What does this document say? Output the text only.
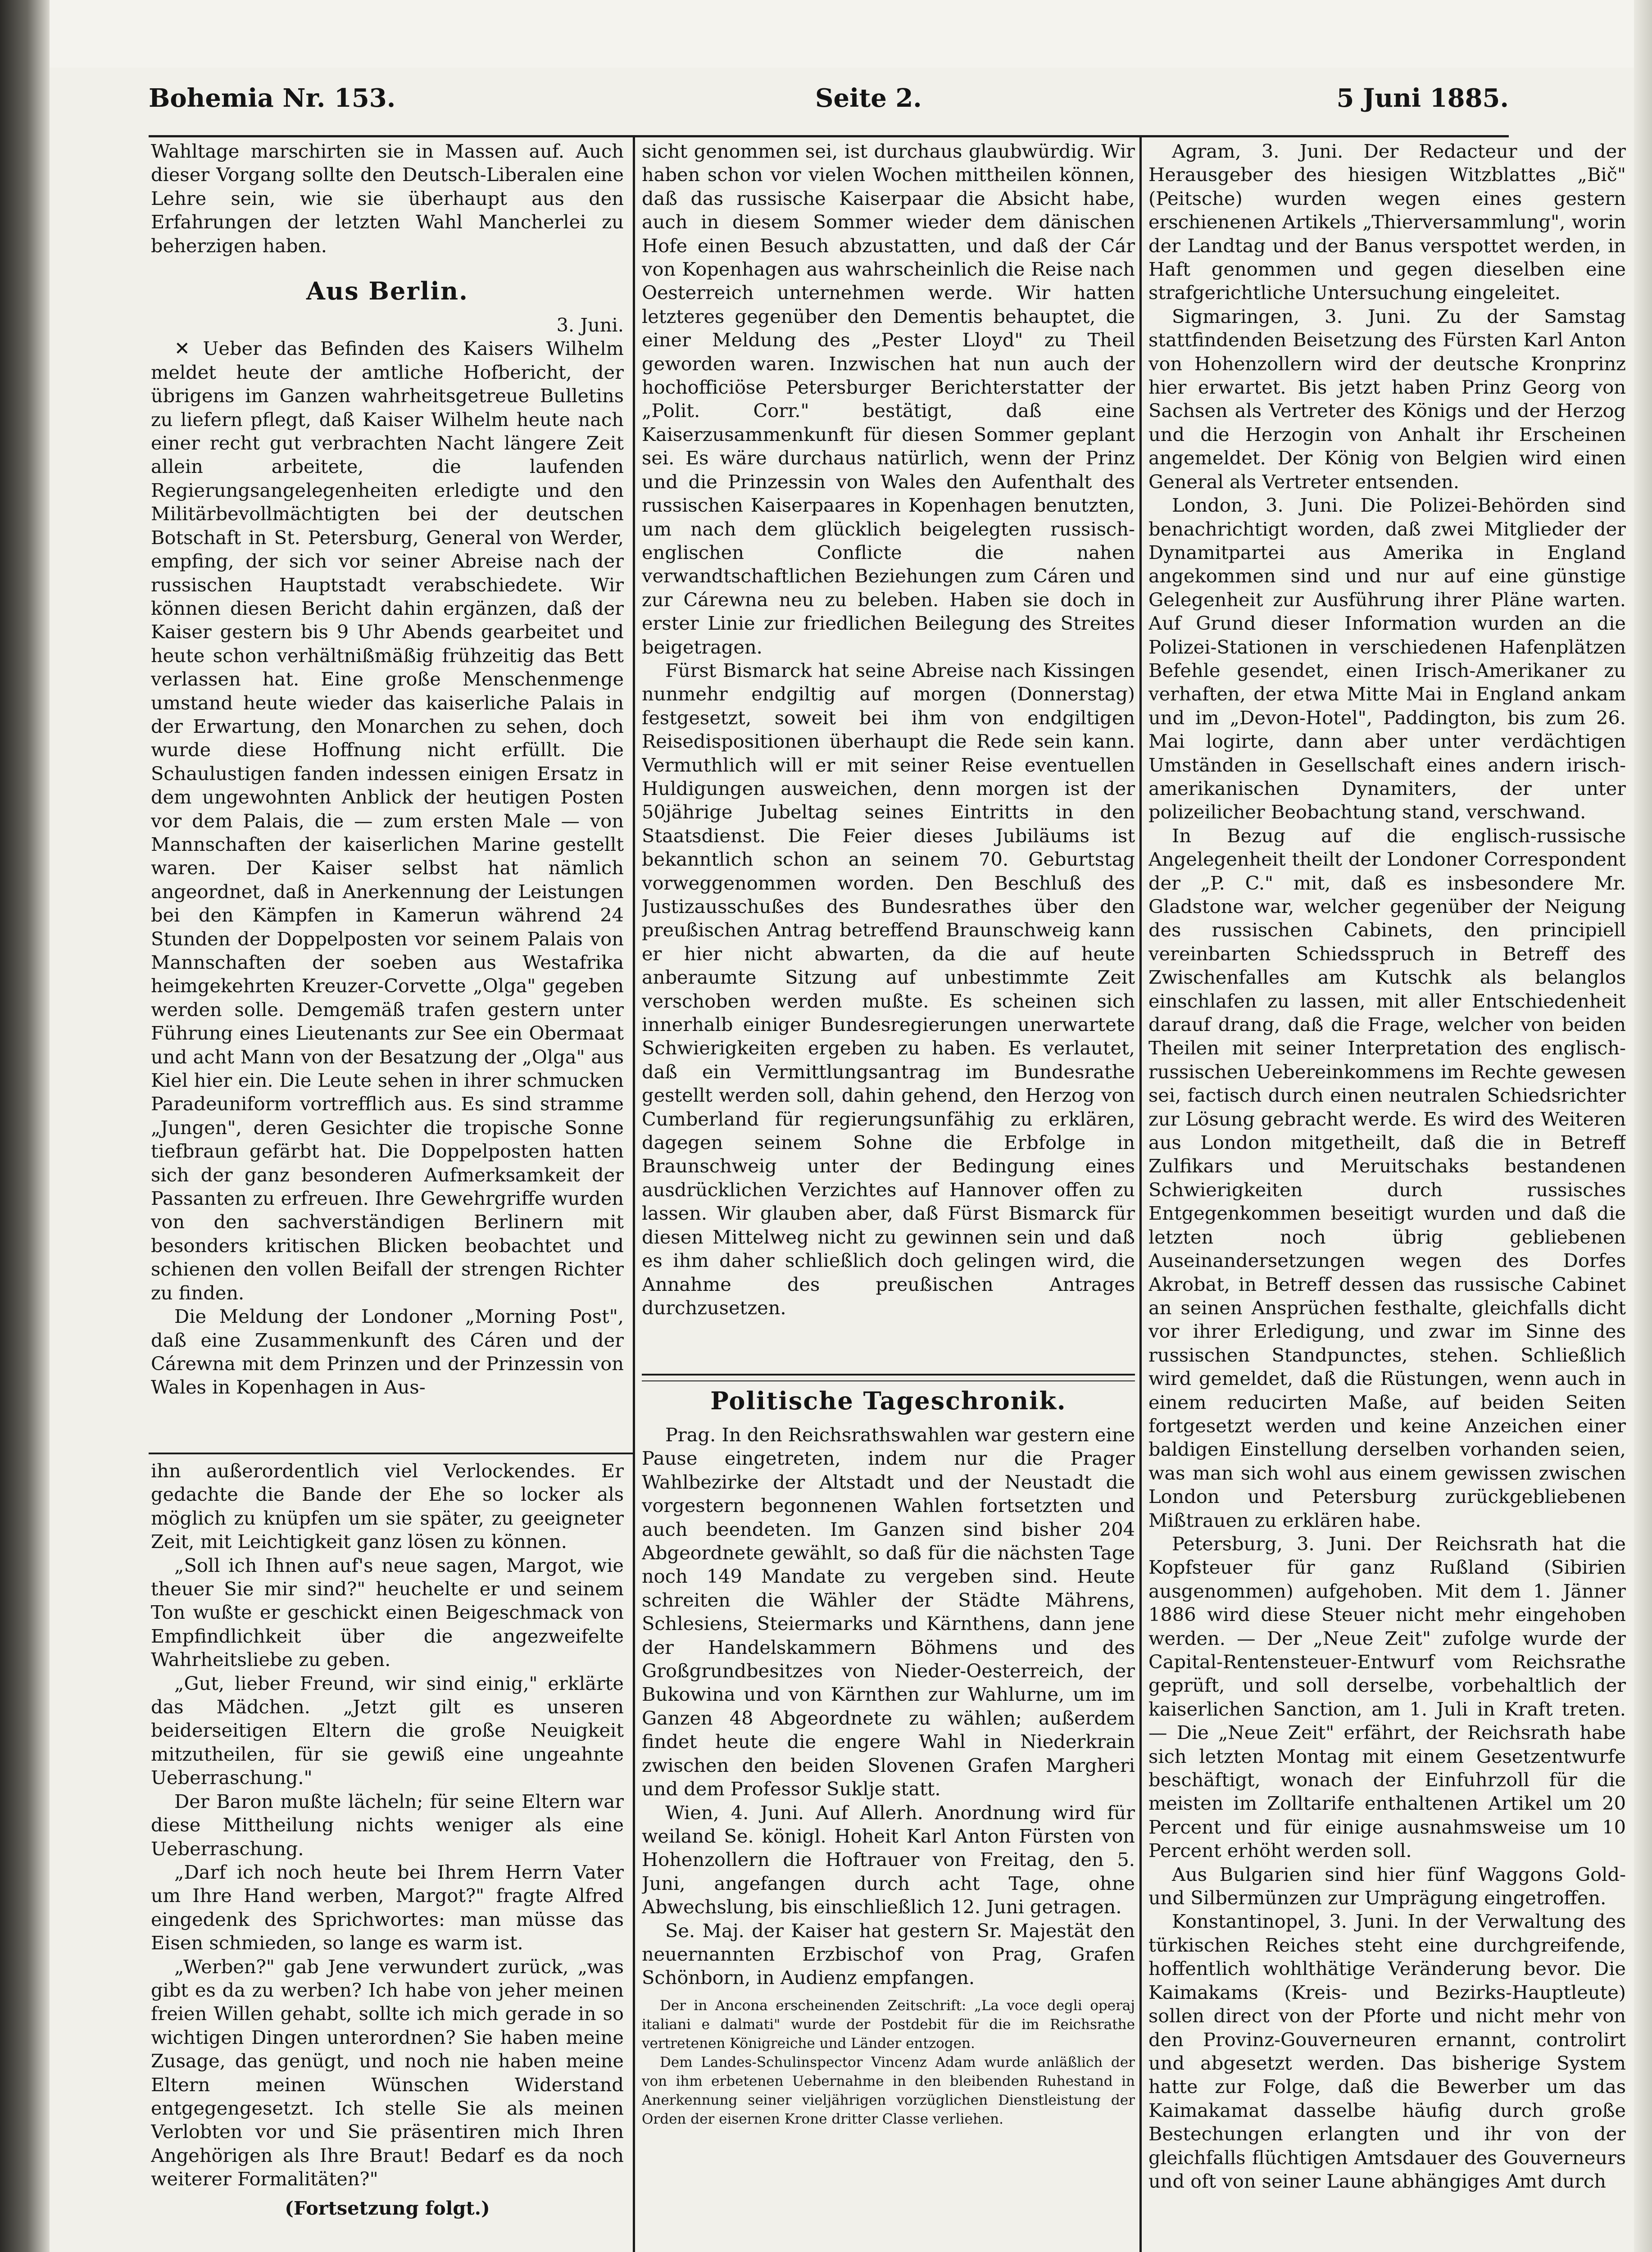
Bohemia Nr. 153.	Seite 2.	5 Juni 1885.

Wahltage marschirten sie in Massen auf. Auch dieser Vorgang sollte den Deutsch-Liberalen eine Lehre sein, wie sie überhaupt aus den Erfahrungen der letzten Wahl Mancherlei zu beherzigen haben.

Aus Berlin.

3. Juni.

✕ Ueber das Befinden des Kaisers Wilhelm meldet heute der amtliche Hofbericht, der übrigens im Ganzen wahrheitsgetreue Bulletins zu liefern pflegt, daß Kaiser Wilhelm heute nach einer recht gut verbrachten Nacht längere Zeit allein arbeitete, die laufenden Regierungsangelegenheiten erledigte und den Militärbevollmächtigten bei der deutschen Botschaft in St. Petersburg, General von Werder, empfing, der sich vor seiner Abreise nach der russischen Hauptstadt verabschiedete. Wir können diesen Bericht dahin ergänzen, daß der Kaiser gestern bis 9 Uhr Abends gearbeitet und heute schon verhältnißmäßig frühzeitig das Bett verlassen hat. Eine große Menschenmenge umstand heute wieder das kaiserliche Palais in der Erwartung, den Monarchen zu sehen, doch wurde diese Hoffnung nicht erfüllt. Die Schaulustigen fanden indessen einigen Ersatz in dem ungewohnten Anblick der heutigen Posten vor dem Palais, die — zum ersten Male — von Mannschaften der kaiserlichen Marine gestellt waren. Der Kaiser selbst hat nämlich angeordnet, daß in Anerkennung der Leistungen bei den Kämpfen in Kamerun während 24 Stunden der Doppelposten vor seinem Palais von Mannschaften der soeben aus Westafrika heimgekehrten Kreuzer-Corvette „Olga" gegeben werden solle. Demgemäß trafen gestern unter Führung eines Lieutenants zur See ein Obermaat und acht Mann von der Besatzung der „Olga" aus Kiel hier ein. Die Leute sehen in ihrer schmucken Paradeuniform vortrefflich aus. Es sind stramme „Jungen", deren Gesichter die tropische Sonne tiefbraun gefärbt hat. Die Doppelposten hatten sich der ganz besonderen Aufmerksamkeit der Passanten zu erfreuen. Ihre Gewehrgriffe wurden von den sachverständigen Berlinern mit besonders kritischen Blicken beobachtet und schienen den vollen Beifall der strengen Richter zu finden.

Die Meldung der Londoner „Morning Post", daß eine Zusammenkunft des Cáren und der Cárewna mit dem Prinzen und der Prinzessin von Wales in Kopenhagen in Aus-

ihn außerordentlich viel Verlockendes. Er gedachte die Bande der Ehe so locker als möglich zu knüpfen um sie später, zu geeigneter Zeit, mit Leichtigkeit ganz lösen zu können.

„Soll ich Ihnen auf's neue sagen, Margot, wie theuer Sie mir sind?" heuchelte er und seinem Ton wußte er geschickt einen Beigeschmack von Empfindlichkeit über die angezweifelte Wahrheitsliebe zu geben.

„Gut, lieber Freund, wir sind einig," erklärte das Mädchen. „Jetzt gilt es unseren beiderseitigen Eltern die große Neuigkeit mitzutheilen, für sie gewiß eine ungeahnte Ueberraschung."

Der Baron mußte lächeln; für seine Eltern war diese Mittheilung nichts weniger als eine Ueberraschung.

„Darf ich noch heute bei Ihrem Herrn Vater um Ihre Hand werben, Margot?" fragte Alfred eingedenk des Sprichwortes: man müsse das Eisen schmieden, so lange es warm ist.

„Werben?" gab Jene verwundert zurück, „was gibt es da zu werben? Ich habe von jeher meinen freien Willen gehabt, sollte ich mich gerade in so wichtigen Dingen unterordnen? Sie haben meine Zusage, das genügt, und noch nie haben meine Eltern meinen Wünschen Widerstand entgegengesetzt. Ich stelle Sie als meinen Verlobten vor und Sie präsentiren mich Ihren Angehörigen als Ihre Braut! Bedarf es da noch weiterer Formalitäten?"

(Fortsetzung folgt.)

sicht genommen sei, ist durchaus glaubwürdig. Wir haben schon vor vielen Wochen mittheilen können, daß das russische Kaiserpaar die Absicht habe, auch in diesem Sommer wieder dem dänischen Hofe einen Besuch abzustatten, und daß der Cár von Kopenhagen aus wahrscheinlich die Reise nach Oesterreich unternehmen werde. Wir hatten letzteres gegenüber den Dementis behauptet, die einer Meldung des „Pester Lloyd" zu Theil geworden waren. Inzwischen hat nun auch der hochofficiöse Petersburger Berichterstatter der „Polit. Corr." bestätigt, daß eine Kaiserzusammenkunft für diesen Sommer geplant sei. Es wäre durchaus natürlich, wenn der Prinz und die Prinzessin von Wales den Aufenthalt des russischen Kaiserpaares in Kopenhagen benutzten, um nach dem glücklich beigelegten russisch-englischen Conflicte die nahen verwandtschaftlichen Beziehungen zum Cáren und zur Cárewna neu zu beleben. Haben sie doch in erster Linie zur friedlichen Beilegung des Streites beigetragen.

Fürst Bismarck hat seine Abreise nach Kissingen nunmehr endgiltig auf morgen (Donnerstag) festgesetzt, soweit bei ihm von endgiltigen Reisedispositionen überhaupt die Rede sein kann. Vermuthlich will er mit seiner Reise eventuellen Huldigungen ausweichen, denn morgen ist der 50jährige Jubeltag seines Eintritts in den Staatsdienst. Die Feier dieses Jubiläums ist bekanntlich schon an seinem 70. Geburtstag vorweggenommen worden. Den Beschluß des Justizausschußes des Bundesrathes über den preußischen Antrag betreffend Braunschweig kann er hier nicht abwarten, da die auf heute anberaumte Sitzung auf unbestimmte Zeit verschoben werden mußte. Es scheinen sich innerhalb einiger Bundesregierungen unerwartete Schwierigkeiten ergeben zu haben. Es verlautet, daß ein Vermittlungsantrag im Bundesrathe gestellt werden soll, dahin gehend, den Herzog von Cumberland für regierungsunfähig zu erklären, dagegen seinem Sohne die Erbfolge in Braunschweig unter der Bedingung eines ausdrücklichen Verzichtes auf Hannover offen zu lassen. Wir glauben aber, daß Fürst Bismarck für diesen Mittelweg nicht zu gewinnen sein und daß es ihm daher schließlich doch gelingen wird, die Annahme des preußischen Antrages durchzusetzen.

Politische Tageschronik.

Prag. In den Reichsrathswahlen war gestern eine Pause eingetreten, indem nur die Prager Wahlbezirke der Altstadt und der Neustadt die vorgestern begonnenen Wahlen fortsetzten und auch beendeten. Im Ganzen sind bisher 204 Abgeordnete gewählt, so daß für die nächsten Tage noch 149 Mandate zu vergeben sind. Heute schreiten die Wähler der Städte Mährens, Schlesiens, Steiermarks und Kärnthens, dann jene der Handelskammern Böhmens und des Großgrundbesitzes von Nieder-Oesterreich, der Bukowina und von Kärnthen zur Wahlurne, um im Ganzen 48 Abgeordnete zu wählen; außerdem findet heute die engere Wahl in Niederkrain zwischen den beiden Slovenen Grafen Margheri und dem Professor Suklje statt.

Wien, 4. Juni. Auf Allerh. Anordnung wird für weiland Se. königl. Hoheit Karl Anton Fürsten von Hohenzollern die Hoftrauer von Freitag, den 5. Juni, angefangen durch acht Tage, ohne Abwechslung, bis einschließlich 12. Juni getragen.

Se. Maj. der Kaiser hat gestern Sr. Majestät den neuernannten Erzbischof von Prag, Grafen Schönborn, in Audienz empfangen.

Der in Ancona erscheinenden Zeitschrift: „La voce degli operaj italiani e dalmati" wurde der Postdebit für die im Reichsrathe vertretenen Königreiche und Länder entzogen.

Dem Landes-Schulinspector Vincenz Adam wurde anläßlich der von ihm erbetenen Uebernahme in den bleibenden Ruhestand in Anerkennung seiner vieljährigen vorzüglichen Dienstleistung der Orden der eisernen Krone dritter Classe verliehen.

Agram, 3. Juni. Der Redacteur und der Herausgeber des hiesigen Witzblattes „Bič" (Peitsche) wurden wegen eines gestern erschienenen Artikels „Thierversammlung", worin der Landtag und der Banus verspottet werden, in Haft genommen und gegen dieselben eine strafgerichtliche Untersuchung eingeleitet.

Sigmaringen, 3. Juni. Zu der Samstag stattfindenden Beisetzung des Fürsten Karl Anton von Hohenzollern wird der deutsche Kronprinz hier erwartet. Bis jetzt haben Prinz Georg von Sachsen als Vertreter des Königs und der Herzog und die Herzogin von Anhalt ihr Erscheinen angemeldet. Der König von Belgien wird einen General als Vertreter entsenden.

London, 3. Juni. Die Polizei-Behörden sind benachrichtigt worden, daß zwei Mitglieder der Dynamitpartei aus Amerika in England angekommen sind und nur auf eine günstige Gelegenheit zur Ausführung ihrer Pläne warten. Auf Grund dieser Information wurden an die Polizei-Stationen in verschiedenen Hafenplätzen Befehle gesendet, einen Irisch-Amerikaner zu verhaften, der etwa Mitte Mai in England ankam und im „Devon-Hotel", Paddington, bis zum 26. Mai logirte, dann aber unter verdächtigen Umständen in Gesellschaft eines andern irisch-amerikanischen Dynamiters, der unter polizeilicher Beobachtung stand, verschwand.

In Bezug auf die englisch-russische Angelegenheit theilt der Londoner Correspondent der „P. C." mit, daß es insbesondere Mr. Gladstone war, welcher gegenüber der Neigung des russischen Cabinets, den principiell vereinbarten Schiedsspruch in Betreff des Zwischenfalles am Kutschk als belanglos einschlafen zu lassen, mit aller Entschiedenheit darauf drang, daß die Frage, welcher von beiden Theilen mit seiner Interpretation des englisch-russischen Uebereinkommens im Rechte gewesen sei, factisch durch einen neutralen Schiedsrichter zur Lösung gebracht werde. Es wird des Weiteren aus London mitgetheilt, daß die in Betreff Zulfikars und Meruitschaks bestandenen Schwierigkeiten durch russisches Entgegenkommen beseitigt wurden und daß die letzten noch übrig gebliebenen Auseinandersetzungen wegen des Dorfes Akrobat, in Betreff dessen das russische Cabinet an seinen Ansprüchen festhalte, gleichfalls dicht vor ihrer Erledigung, und zwar im Sinne des russischen Standpunctes, stehen. Schließlich wird gemeldet, daß die Rüstungen, wenn auch in einem reducirten Maße, auf beiden Seiten fortgesetzt werden und keine Anzeichen einer baldigen Einstellung derselben vorhanden seien, was man sich wohl aus einem gewissen zwischen London und Petersburg zurückgebliebenen Mißtrauen zu erklären habe.

Petersburg, 3. Juni. Der Reichsrath hat die Kopfsteuer für ganz Rußland (Sibirien ausgenommen) aufgehoben. Mit dem 1. Jänner 1886 wird diese Steuer nicht mehr eingehoben werden. — Der „Neue Zeit" zufolge wurde der Capital-Rentensteuer-Entwurf vom Reichsrathe geprüft, und soll derselbe, vorbehaltlich der kaiserlichen Sanction, am 1. Juli in Kraft treten. — Die „Neue Zeit" erfährt, der Reichsrath habe sich letzten Montag mit einem Gesetzentwurfe beschäftigt, wonach der Einfuhrzoll für die meisten im Zolltarife enthaltenen Artikel um 20 Percent und für einige ausnahmsweise um 10 Percent erhöht werden soll.

Aus Bulgarien sind hier fünf Waggons Gold- und Silbermünzen zur Umprägung eingetroffen.

Konstantinopel, 3. Juni. In der Verwaltung des türkischen Reiches steht eine durchgreifende, hoffentlich wohlthätige Veränderung bevor. Die Kaimakams (Kreis- und Bezirks-Hauptleute) sollen direct von der Pforte und nicht mehr von den Provinz-Gouverneuren ernannt, controlirt und abgesetzt werden. Das bisherige System hatte zur Folge, daß die Bewerber um das Kaimakamat dasselbe häufig durch große Bestechungen erlangten und ihr von der gleichfalls flüchtigen Amtsdauer des Gouverneurs und oft von seiner Laune abhängiges Amt durch
